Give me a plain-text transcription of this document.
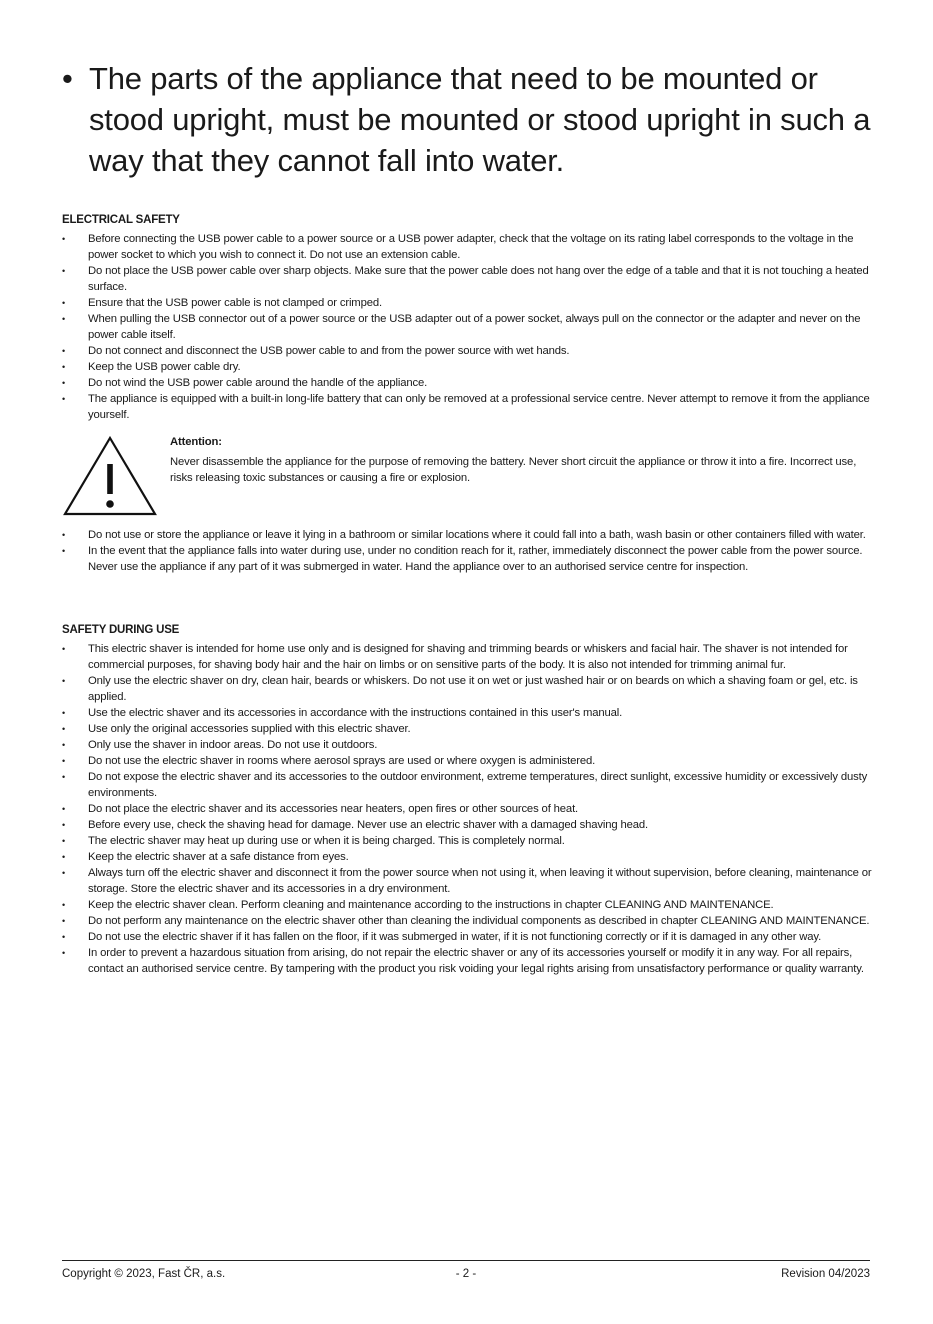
• The parts of the appliance that need to be mounted or stood upright, must be mounted or stood upright in such a way that they cannot fall into water.
ELECTRICAL SAFETY
• Before connecting the USB power cable to a power source or a USB power adapter, check that the voltage on its rating label corresponds to the voltage in the power socket to which you wish to connect it. Do not use an extension cable.
• Do not place the USB power cable over sharp objects. Make sure that the power cable does not hang over the edge of a table and that it is not touching a heated surface.
• Ensure that the USB power cable is not clamped or crimped.
• When pulling the USB connector out of a power source or the USB adapter out of a power socket, always pull on the connector or the adapter and never on the power cable itself.
• Do not connect and disconnect the USB power cable to and from the power source with wet hands.
• Keep the USB power cable dry.
• Do not wind the USB power cable around the handle of the appliance.
• The appliance is equipped with a built-in long-life battery that can only be removed at a professional service centre. Never attempt to remove it from the appliance yourself.
Attention:
Never disassemble the appliance for the purpose of removing the battery. Never short circuit the appliance or throw it into a fire. Incorrect use, risks releasing toxic substances or causing a fire or explosion.
• Do not use or store the appliance or leave it lying in a bathroom or similar locations where it could fall into a bath, wash basin or other containers filled with water.
• In the event that the appliance falls into water during use, under no condition reach for it, rather, immediately disconnect the power cable from the power source. Never use the appliance if any part of it was submerged in water. Hand the appliance over to an authorised service centre for inspection.
SAFETY DURING USE
• This electric shaver is intended for home use only and is designed for shaving and trimming beards or whiskers and facial hair. The shaver is not intended for commercial purposes, for shaving body hair and the hair on limbs or on sensitive parts of the body. It is also not intended for trimming animal fur.
• Only use the electric shaver on dry, clean hair, beards or whiskers. Do not use it on wet or just washed hair or on beards on which a shaving foam or gel, etc. is applied.
• Use the electric shaver and its accessories in accordance with the instructions contained in this user's manual.
• Use only the original accessories supplied with this electric shaver.
• Only use the shaver in indoor areas. Do not use it outdoors.
• Do not use the electric shaver in rooms where aerosol sprays are used or where oxygen is administered.
• Do not expose the electric shaver and its accessories to the outdoor environment, extreme temperatures, direct sunlight, excessive humidity or excessively dusty environments.
• Do not place the electric shaver and its accessories near heaters, open fires or other sources of heat.
• Before every use, check the shaving head for damage. Never use an electric shaver with a damaged shaving head.
• The electric shaver may heat up during use or when it is being charged. This is completely normal.
• Keep the electric shaver at a safe distance from eyes.
• Always turn off the electric shaver and disconnect it from the power source when not using it, when leaving it without supervision, before cleaning, maintenance or storage. Store the electric shaver and its accessories in a dry environment.
• Keep the electric shaver clean. Perform cleaning and maintenance according to the instructions in chapter CLEANING AND MAINTENANCE.
• Do not perform any maintenance on the electric shaver other than cleaning the individual components as described in chapter CLEANING AND MAINTENANCE.
• Do not use the electric shaver if it has fallen on the floor, if it was submerged in water, if it is not functioning correctly or if it is damaged in any other way.
• In order to prevent a hazardous situation from arising, do not repair the electric shaver or any of its accessories yourself or modify it in any way. For all repairs, contact an authorised service centre. By tampering with the product you risk voiding your legal rights arising from unsatisfactory performance or quality warranty.
- 2 -
Copyright © 2023, Fast ČR, a.s.	Revision 04/2023
